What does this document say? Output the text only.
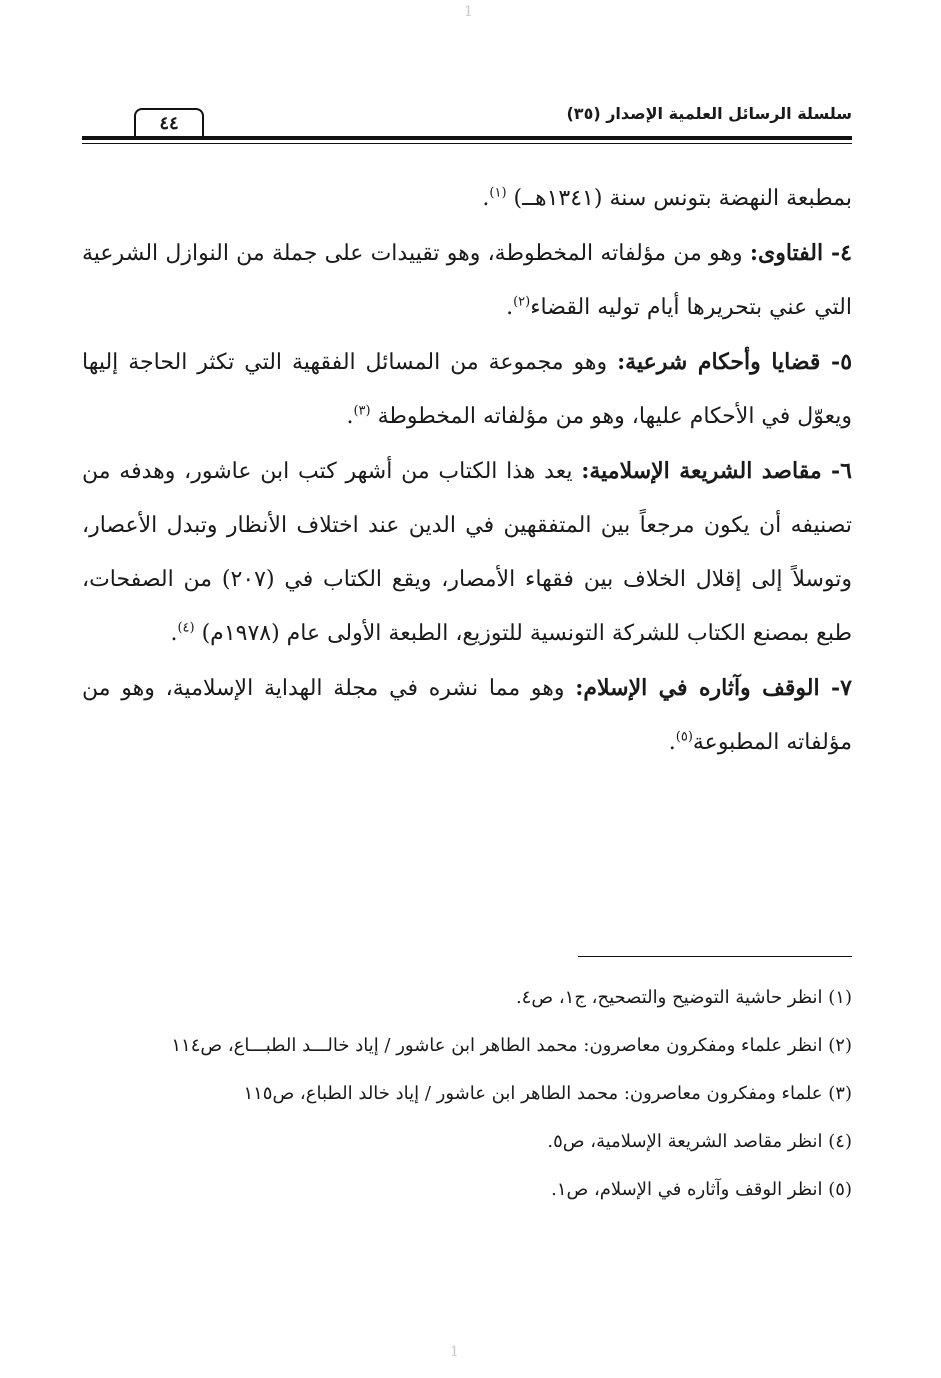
1
٤٤	سلسلة الرسائل العلمية الإصدار (٣٥)

بمطبعة النهضة بتونس سنة (١٣٤١هــ) $^{(١)}$.

٤- الفتاوى: وهو من مؤلفاته المخطوطة، وهو تقييدات على جملة من النوازل الشرعية التي عني بتحريرها أيام توليه القضاء$^{(٢)}$.

٥- قضايا وأحكام شرعية: وهو مجموعة من المسائل الفقهية التي تكثر الحاجة إليها ويعوّل في الأحكام عليها، وهو من مؤلفاته المخطوطة $^{(٣)}$.

٦- مقاصد الشريعة الإسلامية: يعد هذا الكتاب من أشهر كتب ابن عاشور، وهدفه من تصنيفه أن يكون مرجعاً بين المتفقهين في الدين عند اختلاف الأنظار وتبدل الأعصار، وتوسلاً إلى إقلال الخلاف بين فقهاء الأمصار، ويقع الكتاب في (٢٠٧) من الصفحات، طبع بمصنع الكتاب للشركة التونسية للتوزيع، الطبعة الأولى عام (١٩٧٨م) $^{(٤)}$.

٧- الوقف وآثاره في الإسلام: وهو مما نشره في مجلة الهداية الإسلامية، وهو من مؤلفاته المطبوعة$^{(٥)}$.

(١) انظر حاشية التوضيح والتصحيح، ج١، ص٤.

(٢) انظر علماء ومفكرون معاصرون: محمد الطاهر ابن عاشور / إياد خالـــد الطبـــاع، ص١١٤

(٣) علماء ومفكرون معاصرون: محمد الطاهر ابن عاشور / إياد خالد الطباع، ص١١٥

(٤) انظر مقاصد الشريعة الإسلامية، ص٥.

(٥) انظر الوقف وآثاره في الإسلام، ص١.

1
